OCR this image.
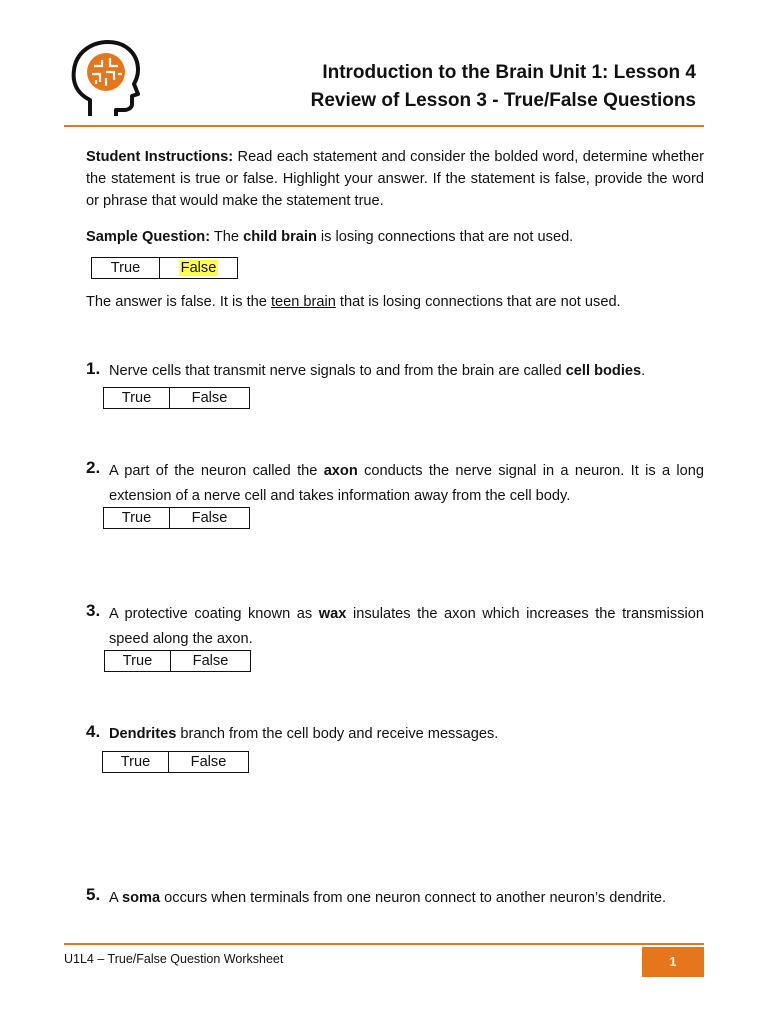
Introduction to the Brain Unit 1: Lesson 4
Review of Lesson 3 - True/False Questions
Student Instructions: Read each statement and consider the bolded word, determine whether the statement is true or false. Highlight your answer. If the statement is false, provide the word or phrase that would make the statement true.
Sample Question: The child brain is losing connections that are not used.
True	False
The answer is false. It is the teen brain that is losing connections that are not used.
1. Nerve cells that transmit nerve signals to and from the brain are called cell bodies.
True	False
2. A part of the neuron called the axon conducts the nerve signal in a neuron. It is a long extension of a nerve cell and takes information away from the cell body.
True	False
3. A protective coating known as wax insulates the axon which increases the transmission speed along the axon.
True	False
4. Dendrites branch from the cell body and receive messages.
True	False
5. A soma occurs when terminals from one neuron connect to another neuron’s dendrite.
U1L4 – True/False Question Worksheet	1
